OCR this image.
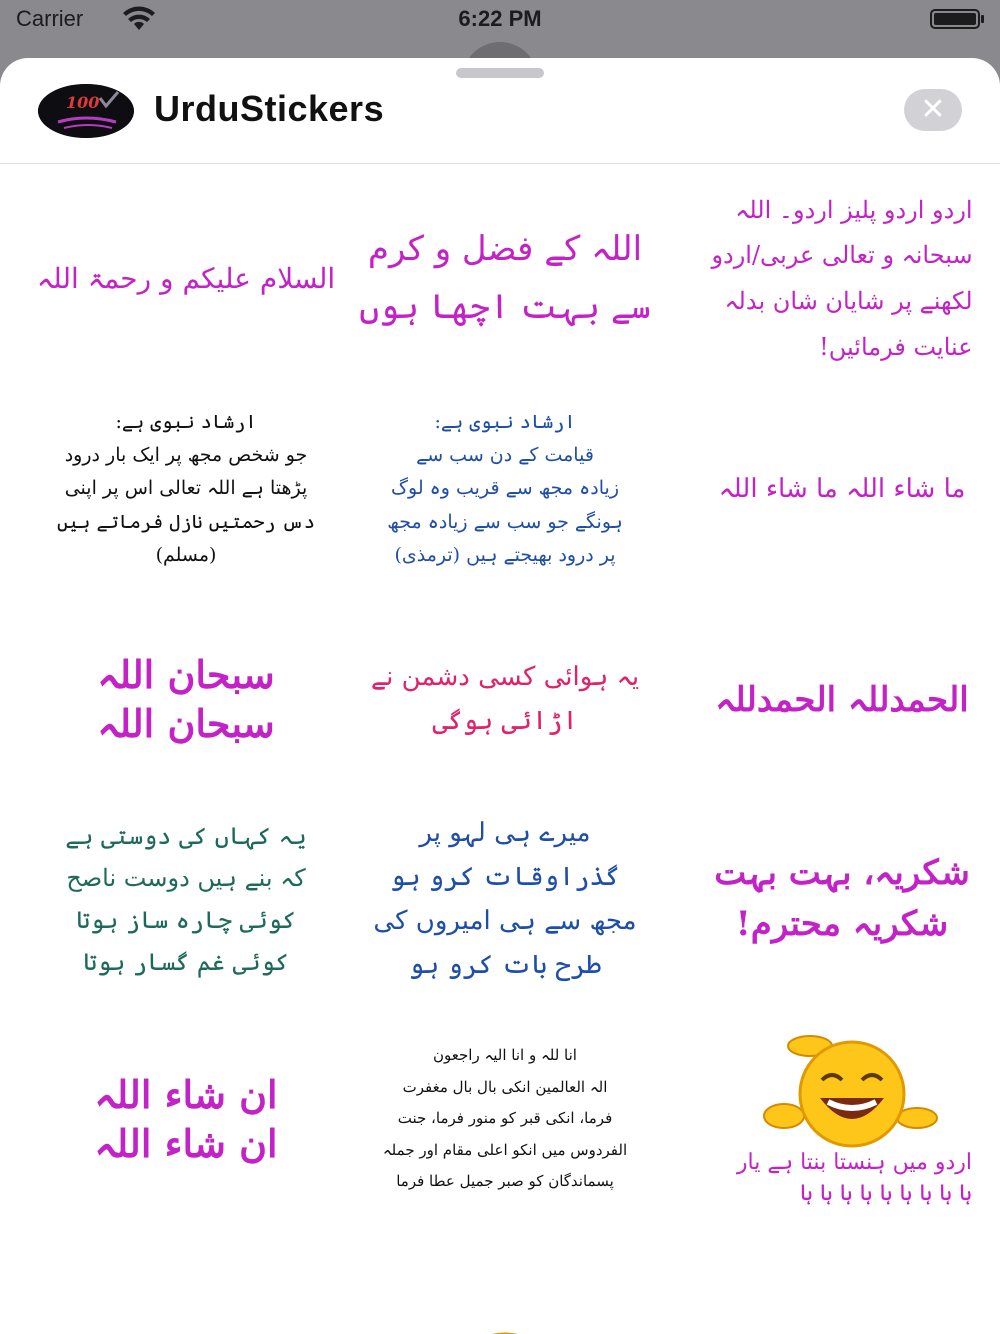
Carrier	6:22 PM
100 UrduStickers	✕
السلام علیکم و رحمۃ اللہ
اللہ کے فضل و کرم
سے بہت اچھا ہوں
اردو اردو پلیز اردو۔ اللہ
سبحانہ و تعالی عربی/اردو
لکھنے پر شایان شان بدلہ
عنایت فرمائیں!
ارشاد نبوی ہے:
جو شخص مجھ پر ایک بار درود
پڑھتا ہے اللہ تعالی اس پر اپنی
دس رحمتیں نازل فرماتے ہیں
(مسلم)
ارشاد نبوی ہے:
قیامت کے دن سب سے
زیادہ مجھ سے قریب وہ لوگ
ہونگے جو سب سے زیادہ مجھ
پر درود بھیجتے ہیں (ترمذی)
ما شاء اللہ ما شاء اللہ
سبحان اللہ
سبحان اللہ
یہ ہوائی کسی دشمن نے
اڑائی ہوگی
الحمدللہ الحمدللہ
یہ کہاں کی دوستی ہے
کہ بنے ہیں دوست ناصح
کوئی چارہ ساز ہوتا
کوئی غم گسار ہوتا
میرے ہی لہو پر
گذراوقات کرو ہو
مجھ سے ہی امیروں کی
طرح بات کرو ہو
شکریہ، بہت بہت
شکریہ محترم!
ان شاء اللہ
ان شاء اللہ
انا للہ و انا الیہ راجعون
الہ العالمین انکی بال بال مغفرت
فرما، انکی قبر کو منور فرما، جنت
الفردوس میں انکو اعلی مقام اور جملہ
پسماندگان کو صبر جمیل عطا فرما
اردو میں ہنستا بنتا ہے یار
ہا ہا ہا ہا ہا ہا ہا ہا ہا
